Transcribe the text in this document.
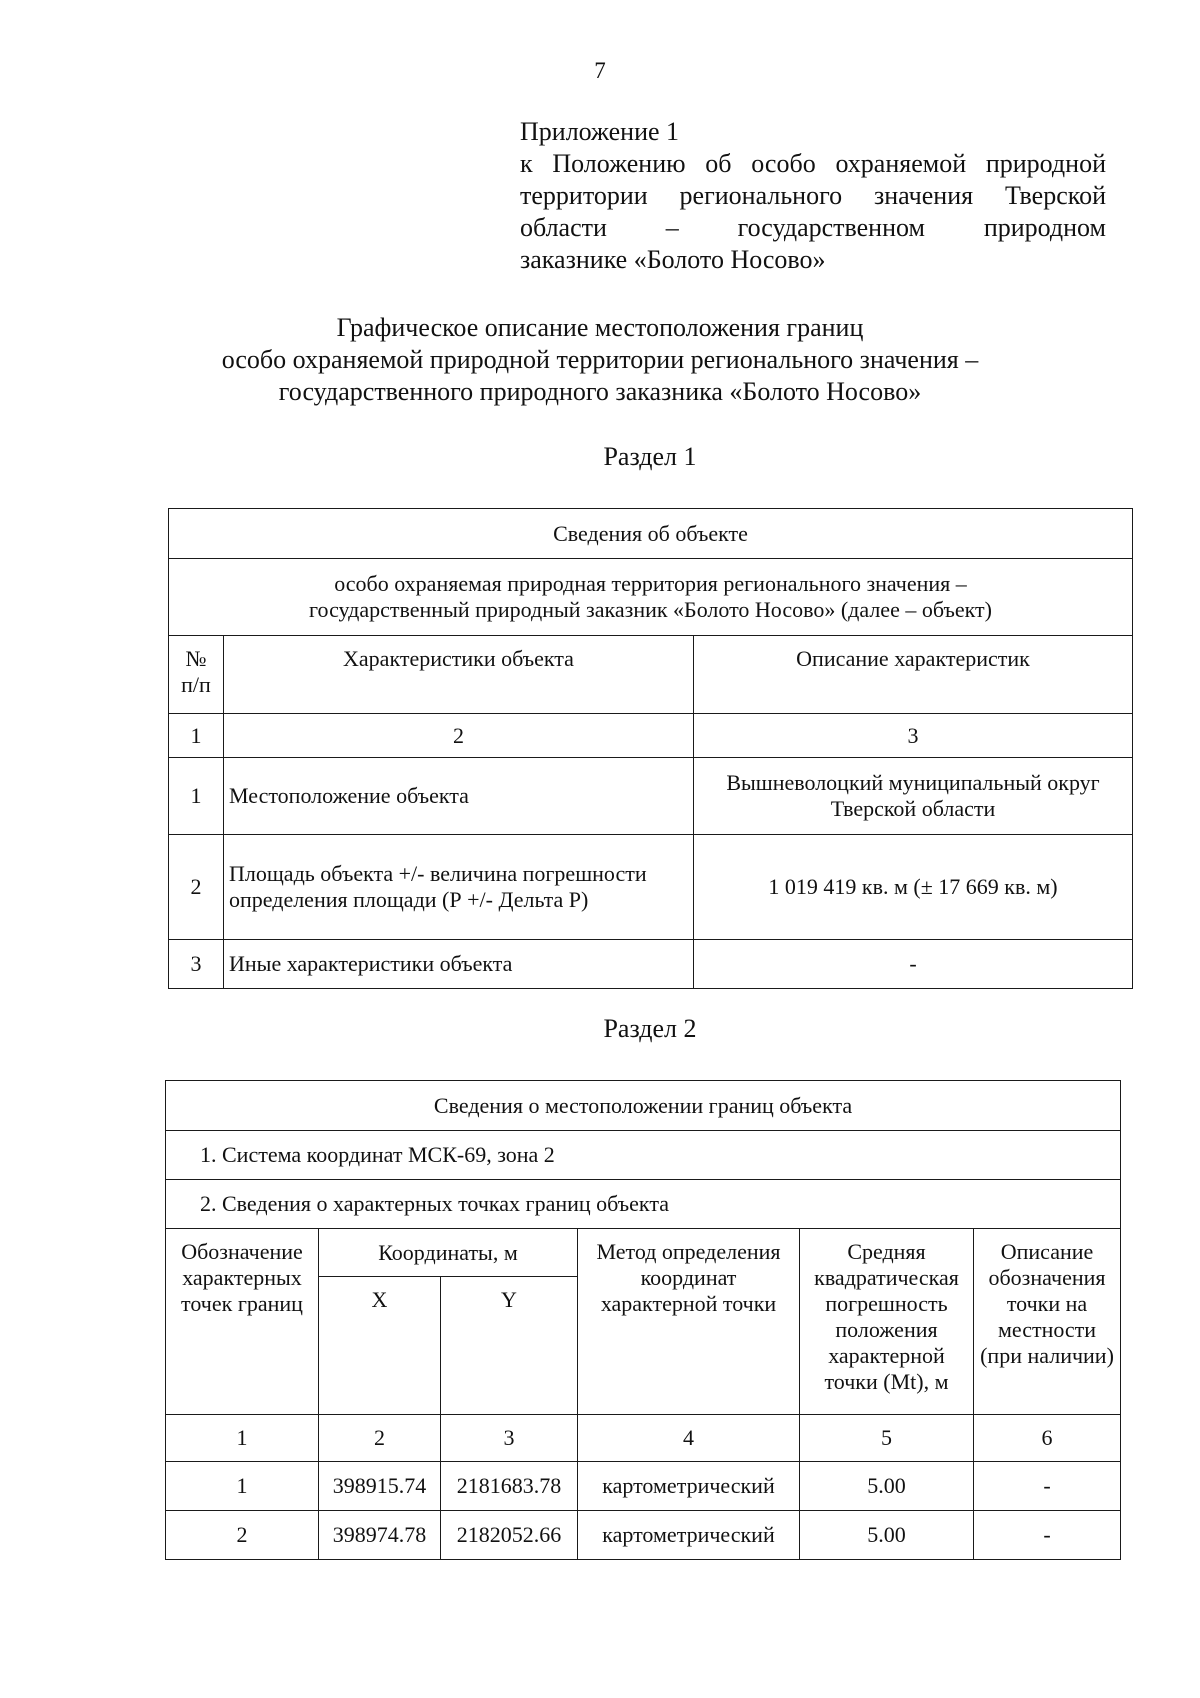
7
Приложение 1
к Положению об особо охраняемой природной
территории регионального значения Тверской
области – государственном природном
заказнике «Болото Носово»
Графическое описание местоположения границ
особо охраняемой природной территории регионального значения –
государственного природного заказника «Болото Носово»
Раздел 1
Сведения об объекте		

особо охраняемая природная территория регионального значения –
государственный природный заказник «Болото Носово» (далее – объект)		

№ п/п	Характеристики объекта	Описание характеристик
1	2	3
1	Местоположение объекта	Вышневолоцкий муниципальный округ Тверской области
2	Площадь объекта +/- величина погрешности определения площади (Р +/- Дельта Р)	1 019 419 кв. м (± 17 669 кв. м)
3	Иные характеристики объекта	-
Раздел 2
Сведения о местоположении границ объекта					
1. Система координат МСК-69, зона 2					
2. Сведения о характерных точках границ объекта					
Обозначение характерных точек границ	Координаты, м		Метод определения координат характерной точки	Средняя квадратическая погрешность положения характерной точки (Mt), м	Описание обозначения точки на местности (при наличии)
	X	Y			
1	2	3	4	5	6
1	398915.74	2181683.78	картометрический	5.00	-
2	398974.78	2182052.66	картометрический	5.00	-
